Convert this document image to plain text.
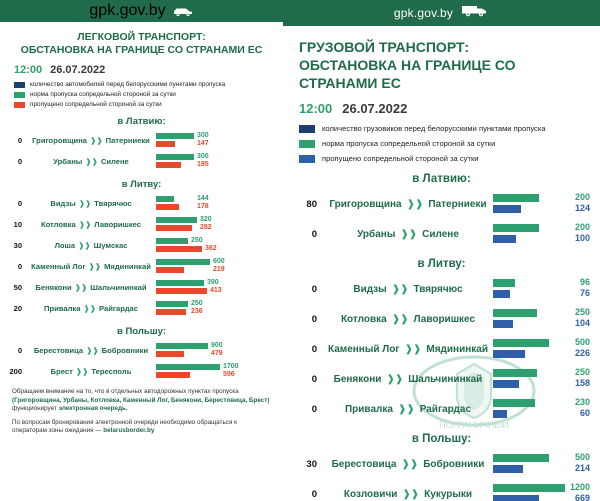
gpk.gov.by
ЛЕГКОВОЙ ТРАНСПОРТ:
ОБСТАНОВКА НА ГРАНИЦЕ СО СТРАНАМИ ЕС
12:00 26.07.2022
количество автомобилей перед белорусскими пунктами пропуска
норма пропуска сопредельной стороной за сутки
пропущено сопредельной стороной за сутки
в Латвию:
0	Григоровщина ❱❱ Патерниеки
300
147
0	Урбаны ❱❱ Силене
300
195
в Литву:
0	Видзы ❱❱ Твярячюс
144
178
10	Котловка ❱❱ Лаворишкес
320
282
30	Лоша ❱❱ Шумскас
250
362
0	Каменный Лог ❱❱ Мядининкай
600
219
50	Бенякони ❱❱ Шальчининкай
390
413
20	Привалка ❱❱ Райгардас
250
236
в Польшу:
0	Берестовица ❱❱ Бобровники
900
479
200	Брест ❱❱ Тересполь
1700
596
Обращаем внимание на то, что в отдельных автодорожных пунктах пропуска (Григоровщина, Урбаны, Котловка, Каменный Лог, Бенякони, Берестовица, Брест) функционирует электронная очередь.
По вопросам бронирования электронной очереди необходимо обращаться к операторам зоны ожидания — belarusborder.by
gpk.gov.by
ПОГРАНИЧНЫЙ
ГРУЗОВОЙ ТРАНСПОРТ:
ОБСТАНОВКА НА ГРАНИЦЕ СО СТРАНАМИ ЕС
12:00 26.07.2022
количество грузовиков перед белорусскими пунктами пропуска
норма пропуска сопредельной стороной за сутки
пропущено сопредельной стороной за сутки
в Латвию:
80	Григоровщина ❱❱ Патерниеки
200
124
0	Урбаны ❱❱ Силене
200
100
в Литву:
0	Видзы ❱❱ Твярячюс
96
76
0	Котловка ❱❱ Лаворишкес
250
104
0	Каменный Лог ❱❱ Мядининкай
500
226
0	Бенякони ❱❱ Шальчининкай
250
158
0	Привалка ❱❱ Райгардас
230
60
в Польшу:
30	Берестовица ❱❱ Бобровники
500
214
0	Козловичи ❱❱ Кукурыки
1200
669
